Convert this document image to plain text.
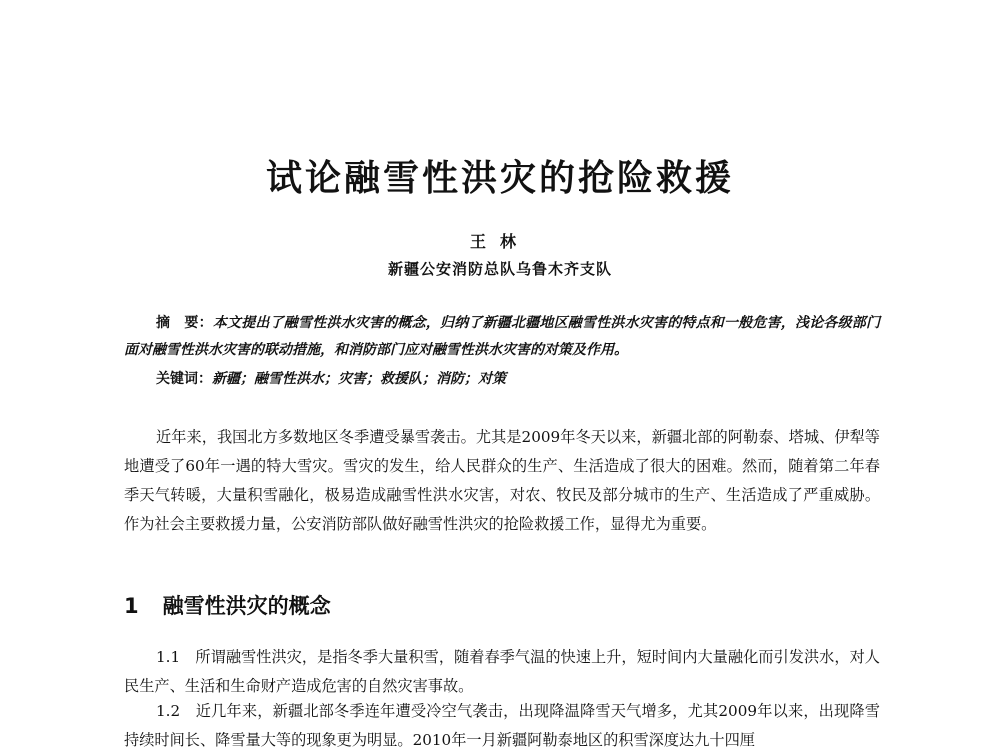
试论融雪性洪灾的抢险救援
王林
新疆公安消防总队乌鲁木齐支队
摘　要：本文提出了融雪性洪水灾害的概念，归纳了新疆北疆地区融雪性洪水灾害的特点和一般危害，浅论各级部门面对融雪性洪水灾害的联动措施，和消防部门应对融雪性洪水灾害的对策及作用。
关键词：新疆；融雪性洪水；灾害；救援队；消防；对策
近年来，我国北方多数地区冬季遭受暴雪袭击。尤其是2009年冬天以来，新疆北部的阿勒泰、塔城、伊犁等地遭受了60年一遇的特大雪灾。雪灾的发生，给人民群众的生产、生活造成了很大的困难。然而，随着第二年春季天气转暖，大量积雪融化，极易造成融雪性洪水灾害，对农、牧民及部分城市的生产、生活造成了严重威胁。作为社会主要救援力量，公安消防部队做好融雪性洪灾的抢险救援工作，显得尤为重要。
1 融雪性洪灾的概念
1.1　所谓融雪性洪灾，是指冬季大量积雪，随着春季气温的快速上升，短时间内大量融化而引发洪水，对人民生产、生活和生命财产造成危害的自然灾害事故。
1.2　近几年来，新疆北部冬季连年遭受冷空气袭击，出现降温降雪天气增多，尤其2009年以来，出现降雪持续时间长、降雪量大等的现象更为明显。2010年一月新疆阿勒泰地区的积雪深度达九十四厘
